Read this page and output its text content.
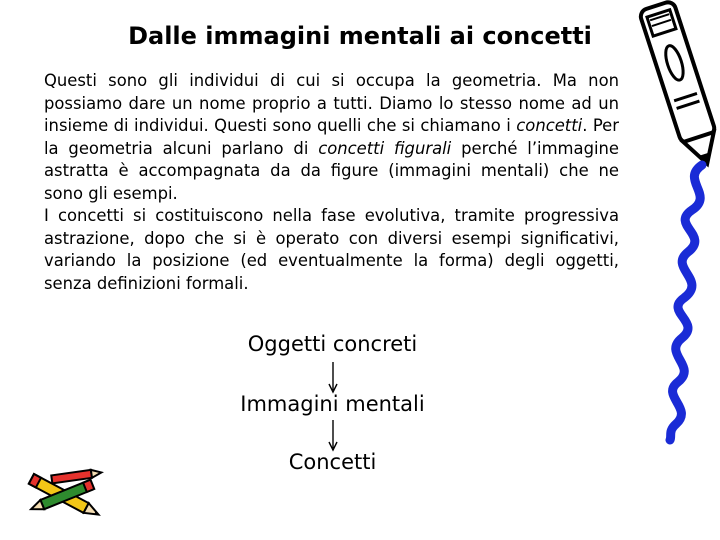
Dalle immagini mentali ai concetti

Questi sono gli individui di cui si occupa la geometria. Ma non possiamo dare un nome proprio a tutti. Diamo lo stesso nome ad un insieme di individui. Questi sono quelli che si chiamano i concetti. Per la geometria alcuni parlano di concetti figurali perché l’immagine astratta è accompagnata da da figure (immagini mentali) che ne sono gli esempi.

I concetti si costituiscono nella fase evolutiva, tramite progressiva astrazione, dopo che si è operato con diversi esempi significativi, variando la posizione (ed eventualmente la forma) degli oggetti, senza definizioni formali.

Oggetti concreti
Immagini mentali
Concetti
